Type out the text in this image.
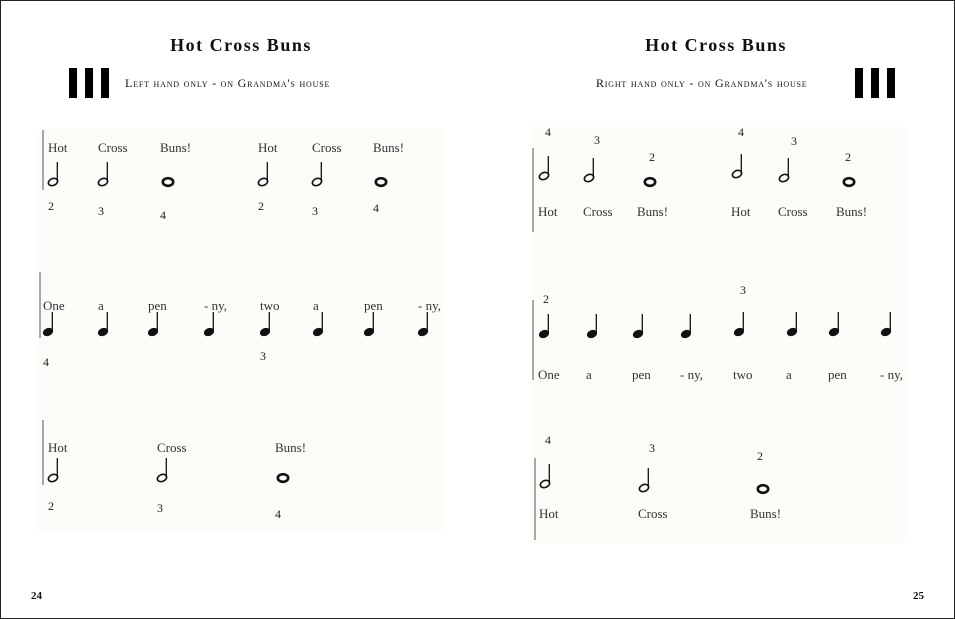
Hot Cross Buns
Left hand only - on Grandma's house
Hot Cross Buns
Right hand only - on Grandma's house
24	25
Hot
2
Cross
3
Buns!
4
Hot
2
Cross
3
Buns!
4
One
4
a	pen	- ny,	two
3
a	pen	- ny,
Hot
2
Cross
3
Buns!
4
Hot
4
Cross
3
Buns!
2
Hot
4
Cross
3
Buns!
2
One
2
a	pen - ny, two
3
a	pen	- ny,
Hot
4
Cross
3
Buns!
2
